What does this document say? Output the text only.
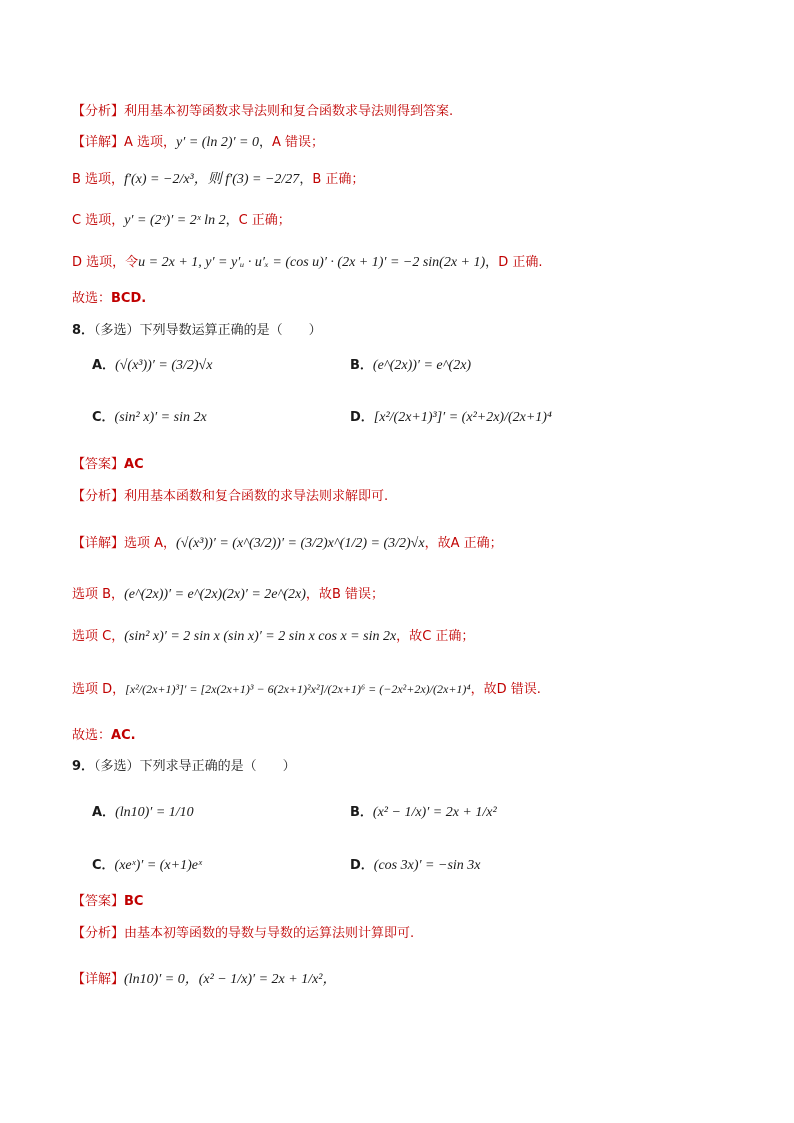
【分析】利用基本初等函数求导法则和复合函数求导法则得到答案.
【详解】A 选项，y′ = (ln 2)′ = 0，A 错误；
B 选项，f′(x) = −2/x³，则 f′(3) = −2/27，B 正确；
C 选项，y′ = (2ˣ)′ = 2ˣ ln 2，C 正确；
D 选项，令u = 2x + 1, y′ = y′ᵤ · u′ₓ = (cos u)′ · (2x + 1)′ = −2 sin(2x + 1)，D 正确.
故选：BCD.
8．（多选）下列导数运算正确的是（　　）
A．(√(x³))′ = (3/2)√x	B．(e^(2x))′ = e^(2x)
C．(sin² x)′ = sin 2x	D．[x²/(2x+1)³]′ = (x²+2x)/(2x+1)⁴
【答案】AC
【分析】利用基本函数和复合函数的求导法则求解即可.
【详解】选项 A，(√(x³))′ = (x^(3/2))′ = (3/2)x^(1/2) = (3/2)√x，故A 正确；
选项 B，(e^(2x))′ = e^(2x)(2x)′ = 2e^(2x)，故B 错误；
选项 C，(sin² x)′ = 2 sin x (sin x)′ = 2 sin x cos x = sin 2x，故C 正确；
选项 D，[x²/(2x+1)³]′ = [2x(2x+1)³ − 6(2x+1)²x²]/(2x+1)⁶ = (−2x²+2x)/(2x+1)⁴，故D 错误.
故选：AC.
9．（多选）下列求导正确的是（　　）
A．(ln10)′ = 1/10	B．(x² − 1/x)′ = 2x + 1/x²
C．(xeˣ)′ = (x+1)eˣ	D．(cos 3x)′ = −sin 3x
【答案】BC
【分析】由基本初等函数的导数与导数的运算法则计算即可.
【详解】(ln10)′ = 0，(x² − 1/x)′ = 2x + 1/x²，
